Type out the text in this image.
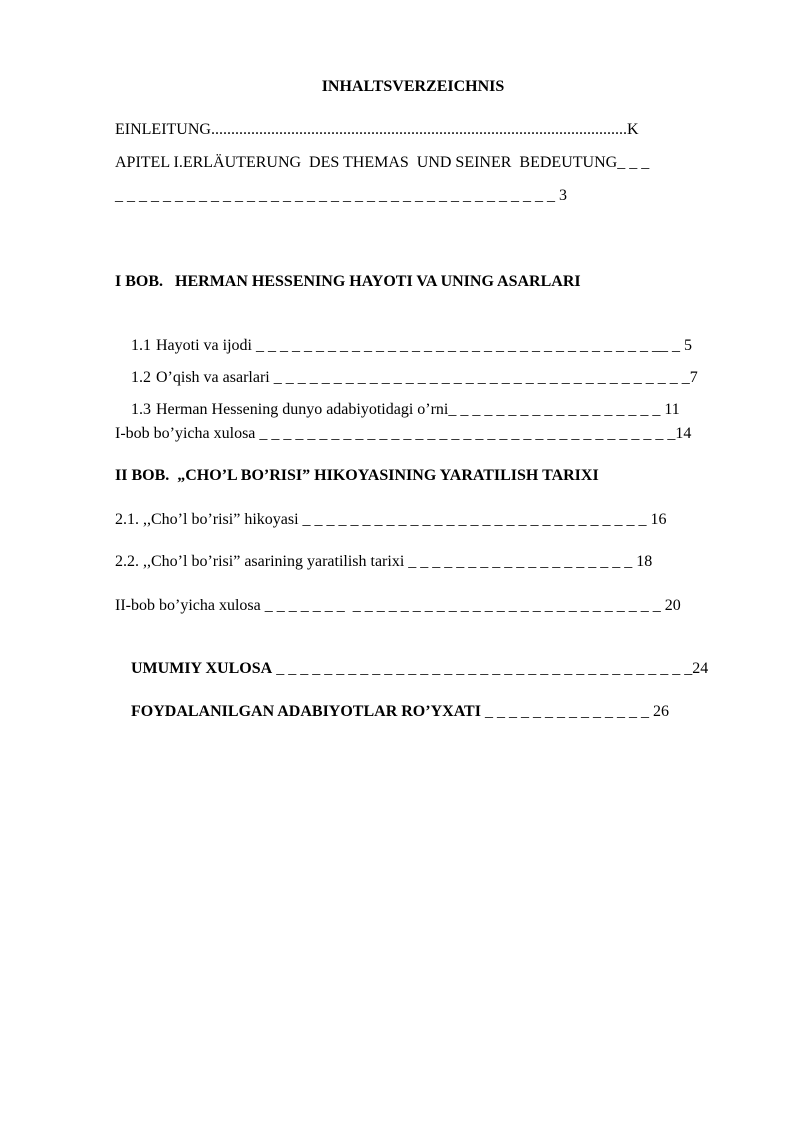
INHALTSVERZEICHNIS
EINLEITUNG........................................................................................................K
APITEL I.ERLÄUTERUNG  DES THEMAS  UND SEINER  BEDEUTUNG_ _ _
_ _ _ _ _ _ _ _ _ _ _ _ _ _ _ _ _ _ _ _ _ _ _ _ _ _ _ _ _ _ _ _ _ _ _ _ _ 3
I BOB.   HERMAN HESSENING HAYOTI VA UNING ASARLARI

1.1 Hayoti va ijodi _ _ _ _ _ _ _ _ _ _ _ _ _ _ _ _ _ _ _ _ _ _ _ _ _ _ _ _ _ _ _ _ _ __ _ 5

1.2 O’qish va asarlari _ _ _ _ _ _ _ _ _ _ _ _ _ _ _ _ _ _ _ _ _ _ _ _ _ _ _ _ _ _ _ _ _ _ _7

1.3 Herman Hessening dunyo adabiyotidagi o’rni_ _ _ _ _ _ _ _ _ _ _ _ _ _ _ _ _ _ 11

I-bob bo’yicha xulosa _ _ _ _ _ _ _ _ _ _ _ _ _ _ _ _ _ _ _ _ _ _ _ _ _ _ _ _ _ _ _ _ _ _ _14
II BOB.  „CHO’L BO’RISI” HIKOYASINING YARATILISH TARIXI
2.1. ,,Cho’l bo’risi” hikoyasi _ _ _ _ _ _ _ _ _ _ _ _ _ _ _ _ _ _ _ _ _ _ _ _ _ _ _ _ _ 16
2.2. ,,Cho’l bo’risi” asarining yaratilish tarixi _ _ _ _ _ _ _ _ _ _ _ _ _ _ _ _ _ _ _ 18
II-bob bo’yicha xulosa _ _ _ _ _ _ _  _ _ _ _ _ _ _ _ _ _ _ _ _ _ _ _ _ _ _ _ _ _ _ _ _ _ 20

UMUMIY XULOSA _ _ _ _ _ _ _ _ _ _ _ _ _ _ _ _ _ _ _ _ _ _ _ _ _ _ _ _ _ _ _ _ _ _ _24

FOYDALANILGAN ADABIYOTLAR RO’YXATI _ _ _ _ _ _ _ _ _ _ _ _ _ _ 26
